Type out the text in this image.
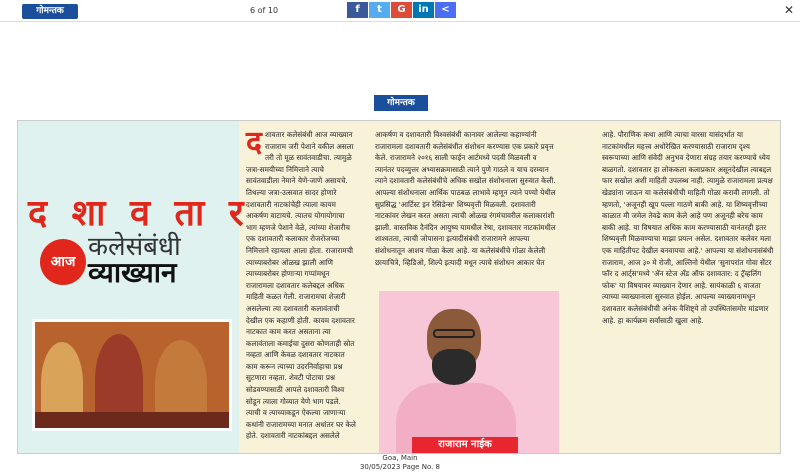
गोमन्तक	6 of 10	f	t	G	in	<	✕
गोमन्तक
द शा व ता र
आज कलेसंबंधी
व्याख्यान
दशावतार कलेसंबंधी आज व्याख्यान राजाराम जरी पेशाने वकील असला तरी तो मूळ सावंतवाडीचा. त्यामुळे जत्रा-समयीच्या निमित्ताने त्याचे सावंतवाडीला नेमाने येणे-जाणे असायचे. तिथल्या जत्रा-उत्सवात सादर होणारे दशावतारी नाटकांचेही त्याला कायम आकर्षण वाटायचे. त्यातच योगायोगाचा भाग म्हणजे पेशाने वेळे, त्यांच्या शेजारीच एक दशावतारी कलाकार रोजरोजच्या निमित्ताने रहायला आला होता. राजारामची त्याच्याबरोबर ओळख झाली आणि त्याच्याबरोबर होणाऱ्या गप्पांमधून राजारामला दशावतार कलेबद्दल अधिक माहिती कळत गेली. राजारामचा शेजारी असलेल्या त्या दशावतारी कलावंताची देखील एक कहाणी होती. कायम दशावतार नाटकात काम करत असताना त्या कलावंताला कमाईचा दुसरा कोणताही स्रोत नव्हता आणि केवळ दशावतार नाटकात काम करून त्याच्या उदरनिर्वाहाचा प्रश्न सुटणारा नव्हता. शेवटी पोटाचा प्रश्न सोडवण्यासाठी आपले दशावतारी विश्व सोडून त्याला गोव्यात येणे भाग पडले. त्याची व त्याच्याकडून ऐकल्या जाणाऱ्या कथांनी राजारामच्या मनात अधांतर घर केले होते. दशावतारी नाटकांबद्दल असलेले
आकर्षण व दशावतारी विश्वसंबंधी कानावर आलेल्या कहाण्यांनी राजारामला दशावतारी कलेसंबंधीत संशोधन करण्यास एक प्रकारे प्रवृत्त केले. राजारामने २०१६ साली फाईन आर्टमध्ये पदवी मिळवली व त्यानंतर पदव्युत्तर अभ्यासक्रमासाठी त्याने पुणे गाठले व याच दरम्यान त्याने दशावतारी कलेसंबंधीचे अधिक सखोल संशोधनाला सुरुवात केली. आपल्या संशोधनाला आर्थिक पाठबळ लाभावे म्हणून त्याने पण्यो येथील सुप्रसिद्ध 'आर्टिस्ट इन रेसिडेन्स' शिष्यवृत्ती मिळवली. दशावतारी नाटकांवर लेखन करत असता त्याची ओळख रंगमंचावरील कलाकारांशी झाली. वास्तविक दैनंदिन आयुष्य यामधील रेषा, दशावतार नाटकांमधील शाश्वतता, त्याची जोपासना इत्यादीसंबंधी राजारामने आपल्या संशोधनातून आशय गोळा केला आहे. या कलेसंबंधीचे गोळा केलेली छायाचित्रे, व्हिडिओ, शिल्पे इत्यादी मधून त्याचे संशोधन आकार घेत
राजाराम नाईक
आहे. पौराणिक कथा आणि त्याचा वारसा यासंदर्भात या नाटकांमधील महत्त्व अधोरेखित करण्यासाठी राजाराम दृश्य स्वरूपाच्या आणि संवेदी अनुभव देणारा संग्रह तयार करण्याचे ध्येय बाळगतो. दशावतार हा लोककला कलाप्रकार असूनदेखील त्याबद्दल फार सखोल अशी माहिती उपलब्ध नाही. त्यामुळे राजारामला प्रत्यक्ष खेड्यांना जाऊन या कलेसंबंधीची माहिती गोळा करावी लागली. तो म्हणतो, 'अजूनही खूप पल्ला गाठणे बाकी आहे. या शिष्यवृत्तीच्या काळात मी जमेल तेवढे काम केले आहे पण अजूनही बरेच काम बाकी आहे. या विषयात अधिक काम करण्यासाठी यानंतरही इतर शिष्यवृत्ती मिळवण्याचा माझा प्रयत्न असेल. दशावतार कलेवर मला एक माहितीपट देखील बनवायचा आहे.' आपल्या या संशोधनासंबंधी राजाराम, आज ३० मे रोजी, आल्तिनो येथील 'सुनापरांत गोवा सेंटर फॉर द आर्ट्स'मध्ये 'ॲन स्टेज ॲंड ऑफ दशावतार: द ट्रॅव्हलिंग फोक' या विषयावर व्याख्यान देणार आहे. सायंकाळी ६ वाजता त्याच्या व्याख्यानाला सुरुवात होईल. आपल्या व्याख्यानामधून दशावतार कलेसंबंधीची अनेक वैशिष्ट्ये तो उपस्थितांसमोर मांडणार आहे. हा कार्यक्रम सर्वांसाठी खुला आहे.
Goa, Main
30/05/2023 Page No. 8
